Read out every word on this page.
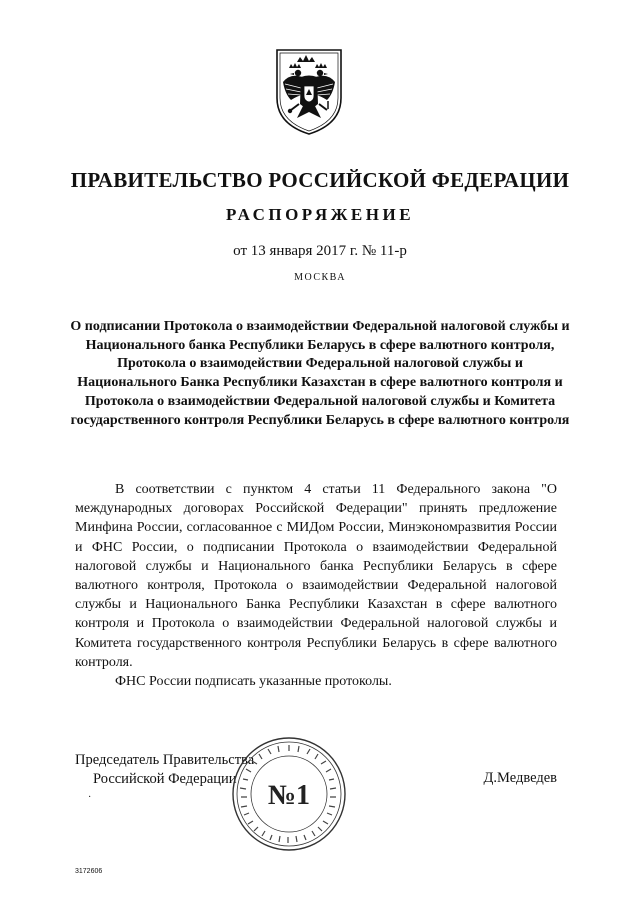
ПРАВИТЕЛЬСТВО РОССИЙСКОЙ ФЕДЕРАЦИИ
РАСПОРЯЖЕНИЕ

от 13 января 2017 г. № 11-р

МОСКВА

О подписании Протокола о взаимодействии Федеральной налоговой службы и Национального банка Республики Беларусь в сфере валютного контроля, Протокола о взаимодействии Федеральной налоговой службы и Национального Банка Республики Казахстан в сфере валютного контроля и Протокола о взаимодействии Федеральной налоговой службы и Комитета государственного контроля Республики Беларусь в сфере валютного контроля

В соответствии с пунктом 4 статьи 11 Федерального закона "О международных договорах Российской Федерации" принять предложение Минфина России, согласованное с МИДом России, Минэкономразвития России и ФНС России, о подписании Протокола о взаимодействии Федеральной налоговой службы и Национального банка Республики Беларусь в сфере валютного контроля, Протокола о взаимодействии Федеральной налоговой службы и Национального Банка Республики Казахстан в сфере валютного контроля и Протокола о взаимодействии Федеральной налоговой службы и Комитета государственного контроля Республики Беларусь в сфере валютного контроля.

ФНС России подписать указанные протоколы.

Председатель Правительства
Российской Федерации
·
Д.Медведев
№1
3172606
